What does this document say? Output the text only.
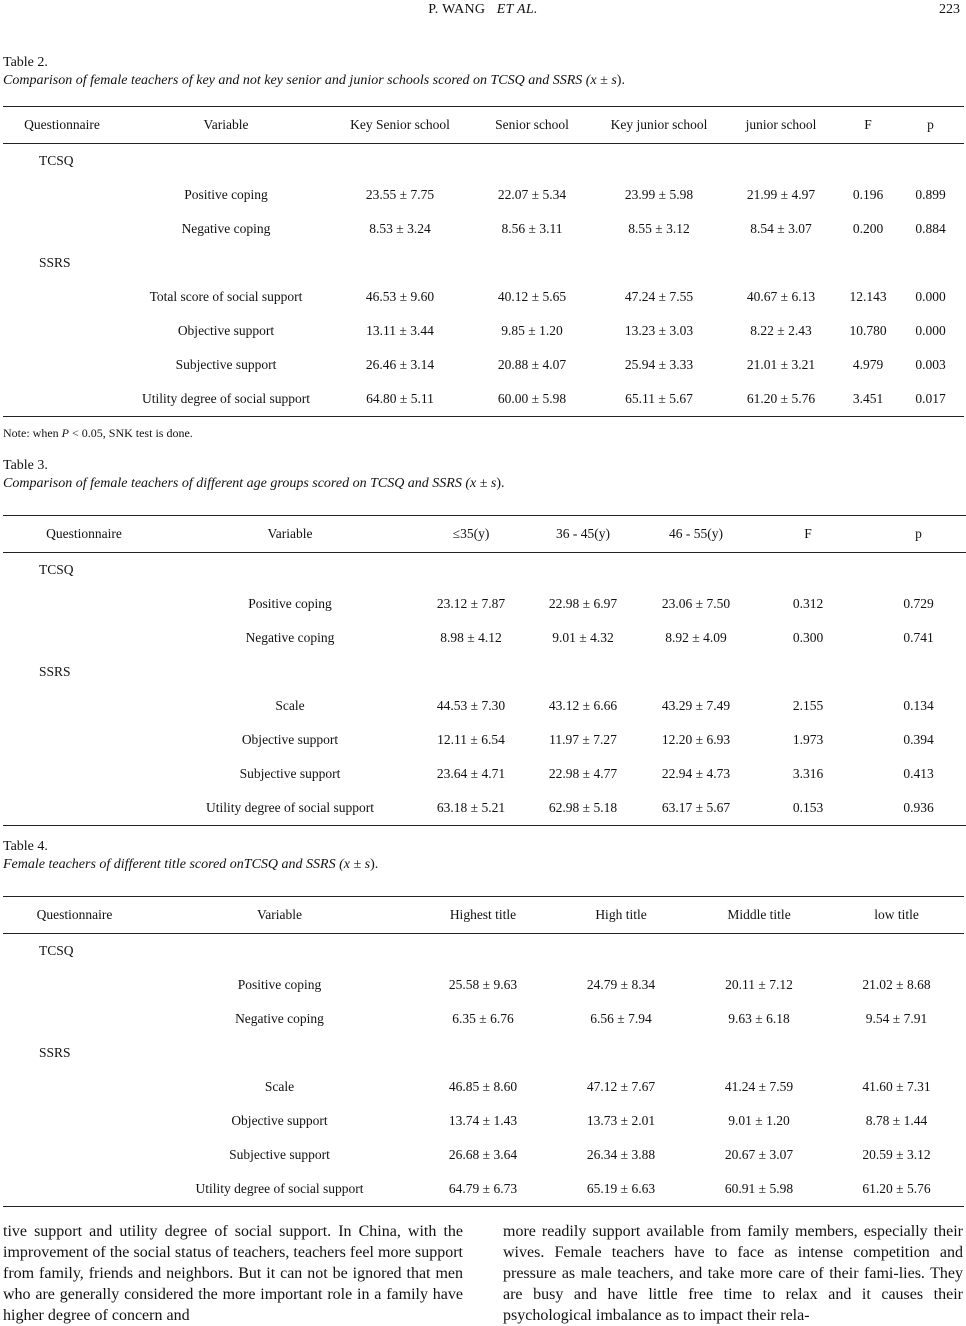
P. WANG ET AL.	223
Table 2.
Comparison of female teachers of key and not key senior and junior schools scored on TCSQ and SSRS (x ± s).
Questionnaire	Variable	Key Senior school	Senior school	Key junior school	junior school	F	p
TCSQ							
	Positive coping	23.55 ± 7.75	22.07 ± 5.34	23.99 ± 5.98	21.99 ± 4.97	0.196	0.899
	Negative coping	8.53 ± 3.24	8.56 ± 3.11	8.55 ± 3.12	8.54 ± 3.07	0.200	0.884
SSRS							
	Total score of social support	46.53 ± 9.60	40.12 ± 5.65	47.24 ± 7.55	40.67 ± 6.13	12.143	0.000
	Objective support	13.11 ± 3.44	9.85 ± 1.20	13.23 ± 3.03	8.22 ± 2.43	10.780	0.000
	Subjective support	26.46 ± 3.14	20.88 ± 4.07	25.94 ± 3.33	21.01 ± 3.21	4.979	0.003
	Utility degree of social support	64.80 ± 5.11	60.00 ± 5.98	65.11 ± 5.67	61.20 ± 5.76	3.451	0.017
Note: when P < 0.05, SNK test is done.
Table 3.
Comparison of female teachers of different age groups scored on TCSQ and SSRS (x ± s).
Questionnaire	Variable	≤35(y)	36 - 45(y)	46 - 55(y)	F	p
TCSQ						
	Positive coping	23.12 ± 7.87	22.98 ± 6.97	23.06 ± 7.50	0.312	0.729
	Negative coping	8.98 ± 4.12	9.01 ± 4.32	8.92 ± 4.09	0.300	0.741
SSRS						
	Scale	44.53 ± 7.30	43.12 ± 6.66	43.29 ± 7.49	2.155	0.134
	Objective support	12.11 ± 6.54	11.97 ± 7.27	12.20 ± 6.93	1.973	0.394
	Subjective support	23.64 ± 4.71	22.98 ± 4.77	22.94 ± 4.73	3.316	0.413
	Utility degree of social support	63.18 ± 5.21	62.98 ± 5.18	63.17 ± 5.67	0.153	0.936
Table 4.
Female teachers of different title scored onTCSQ and SSRS (x ± s).
Questionnaire	Variable	Highest title	High title	Middle title	low title
TCSQ					
	Positive coping	25.58 ± 9.63	24.79 ± 8.34	20.11 ± 7.12	21.02 ± 8.68
	Negative coping	6.35 ± 6.76	6.56 ± 7.94	9.63 ± 6.18	9.54 ± 7.91
SSRS					
	Scale	46.85 ± 8.60	47.12 ± 7.67	41.24 ± 7.59	41.60 ± 7.31
	Objective support	13.74 ± 1.43	13.73 ± 2.01	9.01 ± 1.20	8.78 ± 1.44
	Subjective support	26.68 ± 3.64	26.34 ± 3.88	20.67 ± 3.07	20.59 ± 3.12
	Utility degree of social support	64.79 ± 6.73	65.19 ± 6.63	60.91 ± 5.98	61.20 ± 5.76
tive support and utility degree of social support. In China, with the improvement of the social status of teachers, teachers feel more support from family, friends and neighbors. But it can not be ignored that men who are generally considered the more important role in a family have higher degree of concern and
more readily support available from family members, especially their wives. Female teachers have to face as intense competition and pressure as male teachers, and take more care of their fami-lies. They are busy and have little free time to relax and it causes their psychological imbalance as to impact their rela-
